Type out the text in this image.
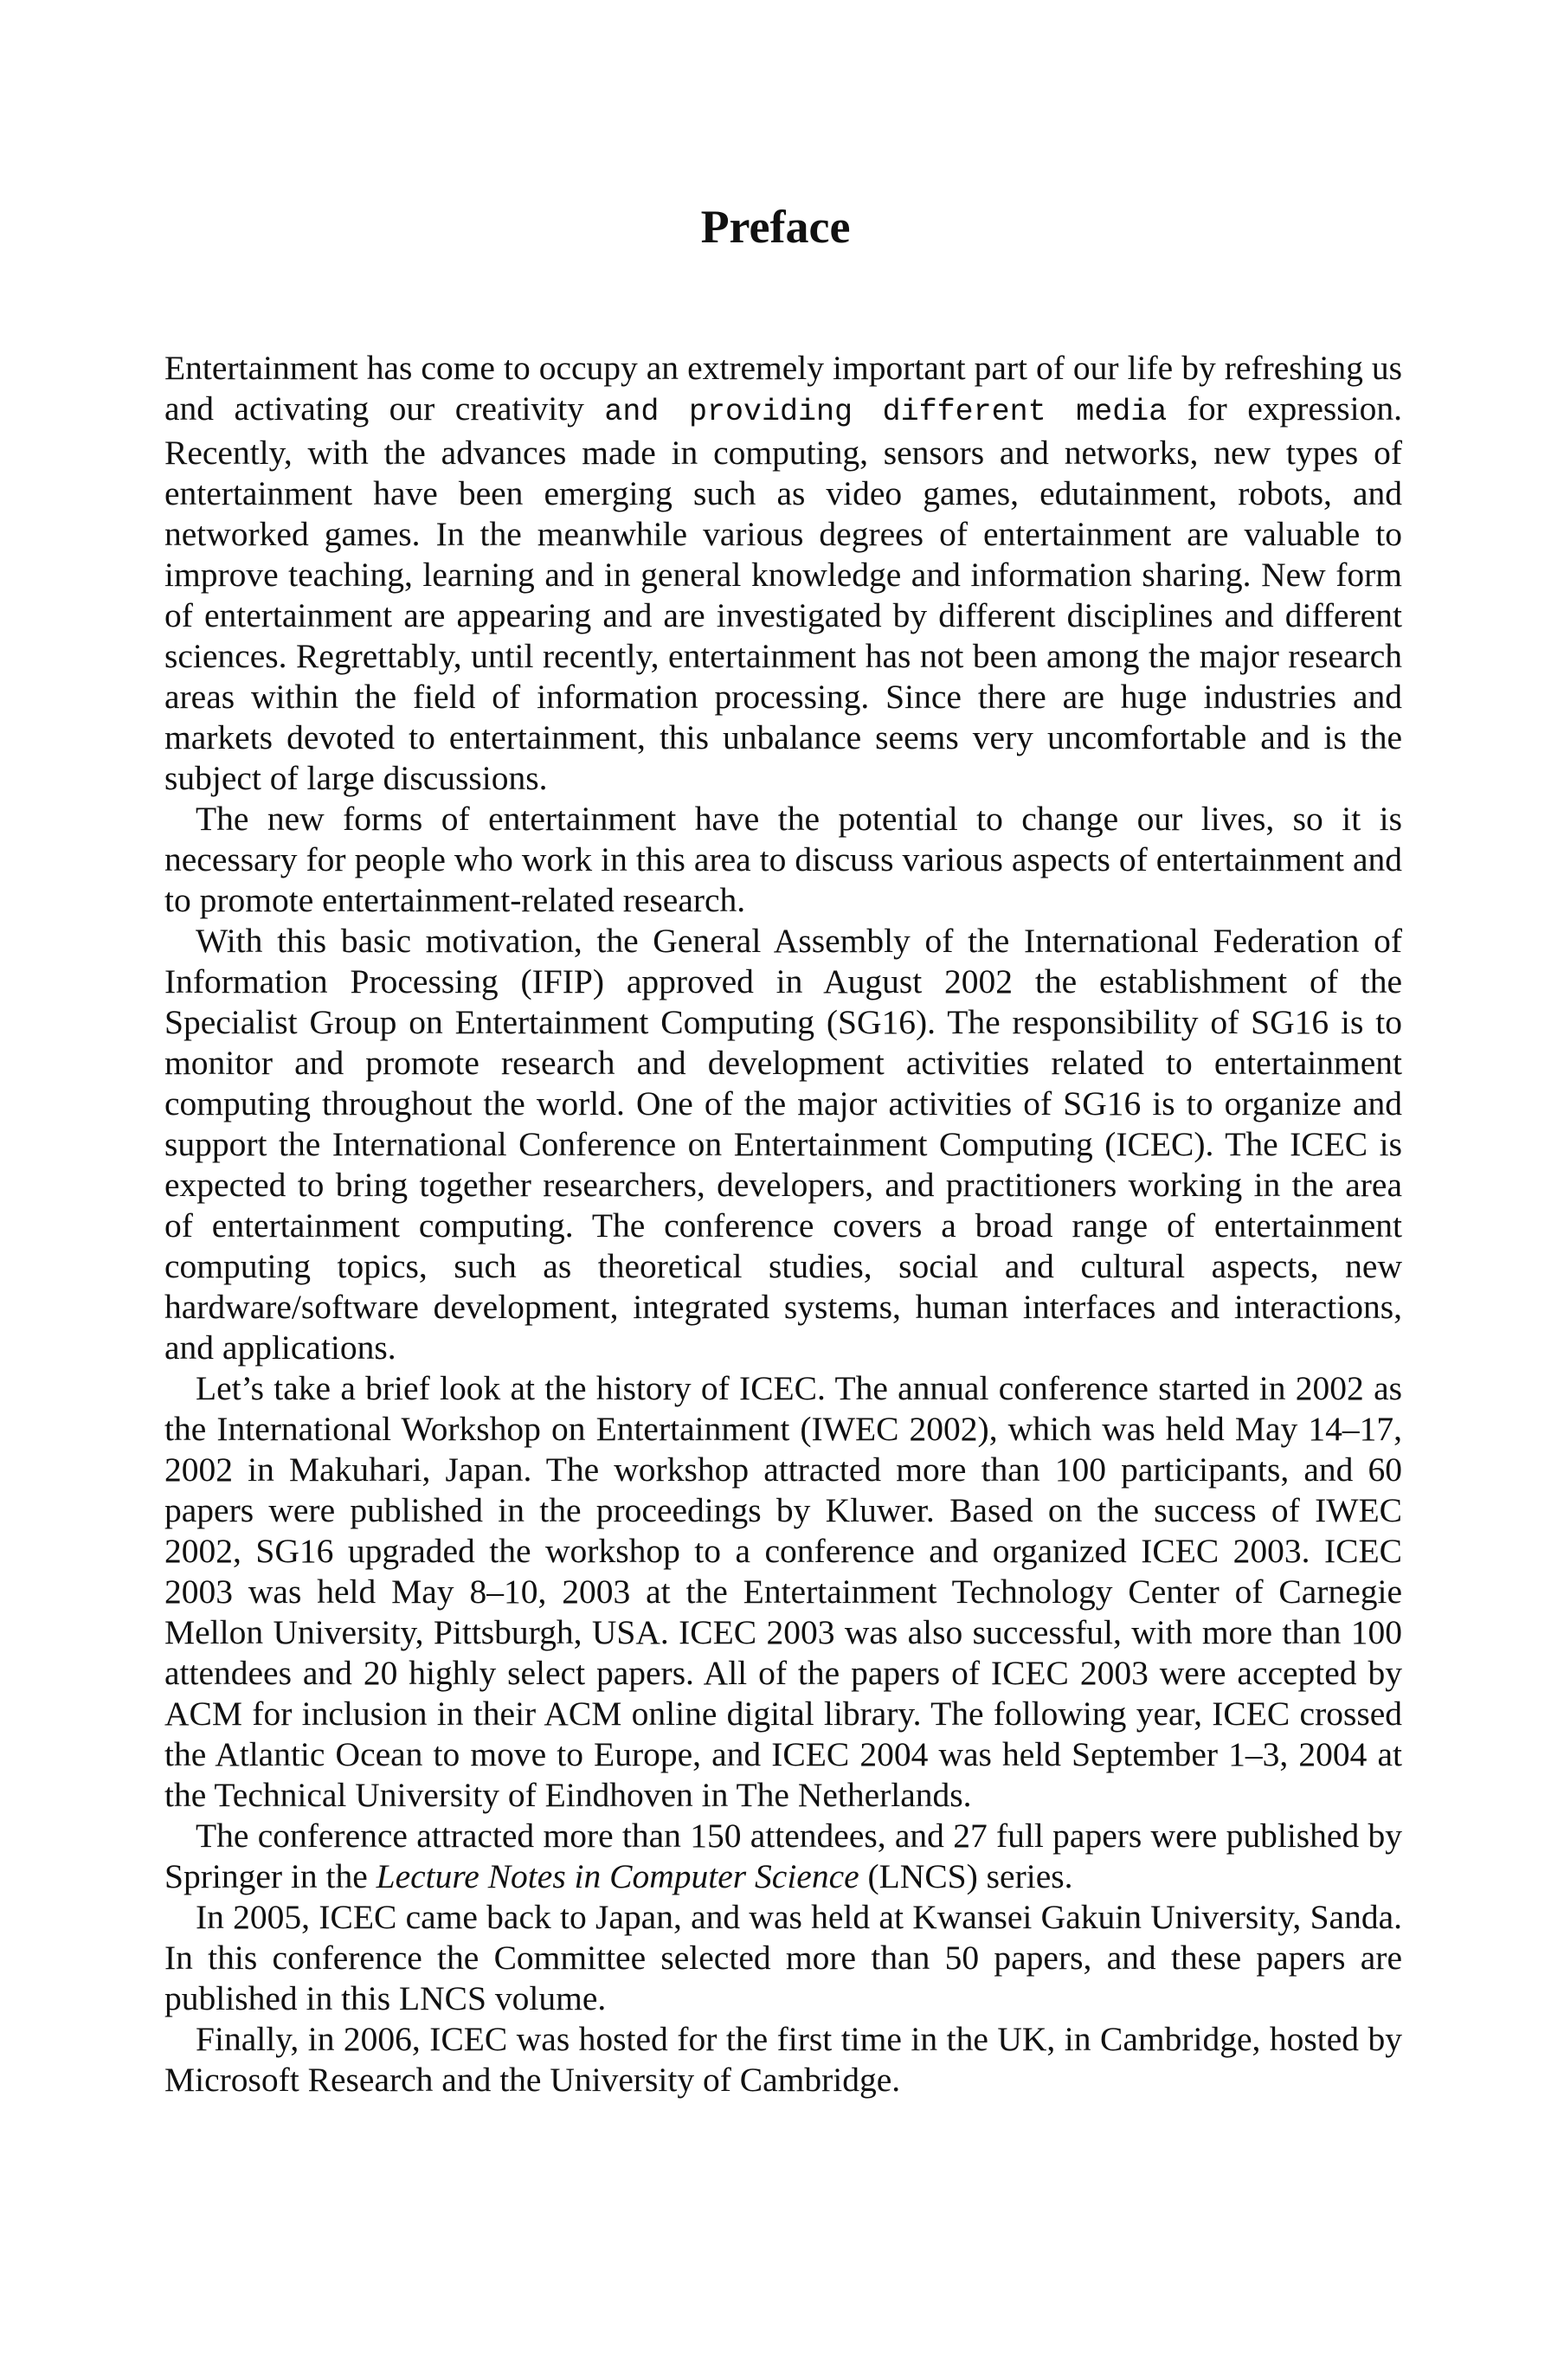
Preface

Entertainment has come to occupy an extremely important part of our life by refreshing us and activating our creativity and providing different media for expression. Recently, with the advances made in computing, sensors and networks, new types of entertainment have been emerging such as video games, edutainment, robots, and networked games. In the meanwhile various degrees of entertainment are valuable to improve teaching, learning and in general knowledge and information sharing. New form of entertainment are appearing and are investigated by different disciplines and different sciences. Regrettably, until recently, entertainment has not been among the major research areas within the field of information processing. Since there are huge industries and markets devoted to entertainment, this unbalance seems very uncomfortable and is the subject of large discussions.

The new forms of entertainment have the potential to change our lives, so it is necessary for people who work in this area to discuss various aspects of entertainment and to promote entertainment-related research.

With this basic motivation, the General Assembly of the International Federation of Information Processing (IFIP) approved in August 2002 the establishment of the Specialist Group on Entertainment Computing (SG16). The responsibility of SG16 is to monitor and promote research and development activities related to entertainment computing throughout the world. One of the major activities of SG16 is to organize and support the International Conference on Entertainment Computing (ICEC). The ICEC is expected to bring together researchers, developers, and practitioners working in the area of entertainment computing. The conference covers a broad range of entertainment computing topics, such as theoretical studies, social and cultural aspects, new hardware/software development, integrated systems, human interfaces and interactions, and applications.

Let’s take a brief look at the history of ICEC. The annual conference started in 2002 as the International Workshop on Entertainment (IWEC 2002), which was held May 14–17, 2002 in Makuhari, Japan. The workshop attracted more than 100 participants, and 60 papers were published in the proceedings by Kluwer. Based on the success of IWEC 2002, SG16 upgraded the workshop to a conference and organized ICEC 2003. ICEC 2003 was held May 8–10, 2003 at the Entertainment Technology Center of Carnegie Mellon University, Pittsburgh, USA. ICEC 2003 was also successful, with more than 100 attendees and 20 highly select papers. All of the papers of ICEC 2003 were accepted by ACM for inclusion in their ACM online digital library. The following year, ICEC crossed the Atlantic Ocean to move to Europe, and ICEC 2004 was held September 1–3, 2004 at the Technical University of Eindhoven in The Netherlands.

The conference attracted more than 150 attendees, and 27 full papers were published by Springer in the Lecture Notes in Computer Science (LNCS) series.

In 2005, ICEC came back to Japan, and was held at Kwansei Gakuin University, Sanda. In this conference the Committee selected more than 50 papers, and these papers are published in this LNCS volume.

Finally, in 2006, ICEC was hosted for the first time in the UK, in Cambridge, hosted by Microsoft Research and the University of Cambridge.
